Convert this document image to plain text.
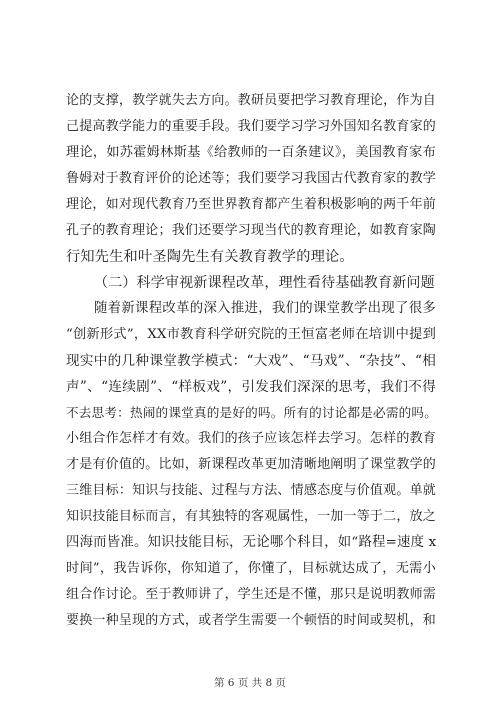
论的支撑，教学就失去方向。教研员要把学习教育理论，作为自
己提高教学能力的重要手段。我们要学习学习外国知名教育家的
理论，如苏霍姆林斯基《给教师的一百条建议》，美国教育家布
鲁姆对于教育评价的论述等；我们要学习我国古代教育家的教学
理论，如对现代教育乃至世界教育都产生着积极影响的两千年前
孔子的教育理论；我们还要学习现当代的教育理论，如教育家陶
行知先生和叶圣陶先生有关教育教学的理论。
（二）科学审视新课程改革，理性看待基础教育新问题
随着新课程改革的深入推进，我们的课堂教学出现了很多
“创新形式”，XX市教育科学研究院的王恒富老师在培训中提到
现实中的几种课堂教学模式：“大戏”、“马戏”、“杂技”、“相
声”、“连续剧”、“样板戏”，引发我们深深的思考，我们不得
不去思考：热闹的课堂真的是好的吗。所有的讨论都是必需的吗。
小组合作怎样才有效。我们的孩子应该怎样去学习。怎样的教育
才是有价值的。比如，新课程改革更加清晰地阐明了课堂教学的
三维目标：知识与技能、过程与方法、情感态度与价值观。单就
知识技能目标而言，有其独特的客观属性，一加一等于二，放之
四海而皆准。知识技能目标，无论哪个科目，如“路程=速度 x
时间”，我告诉你，你知道了，你懂了，目标就达成了，无需小
组合作讨论。至于教师讲了，学生还是不懂，那只是说明教师需
要换一种呈现的方式，或者学生需要一个顿悟的时间或契机，和
第 6 页 共 8 页
